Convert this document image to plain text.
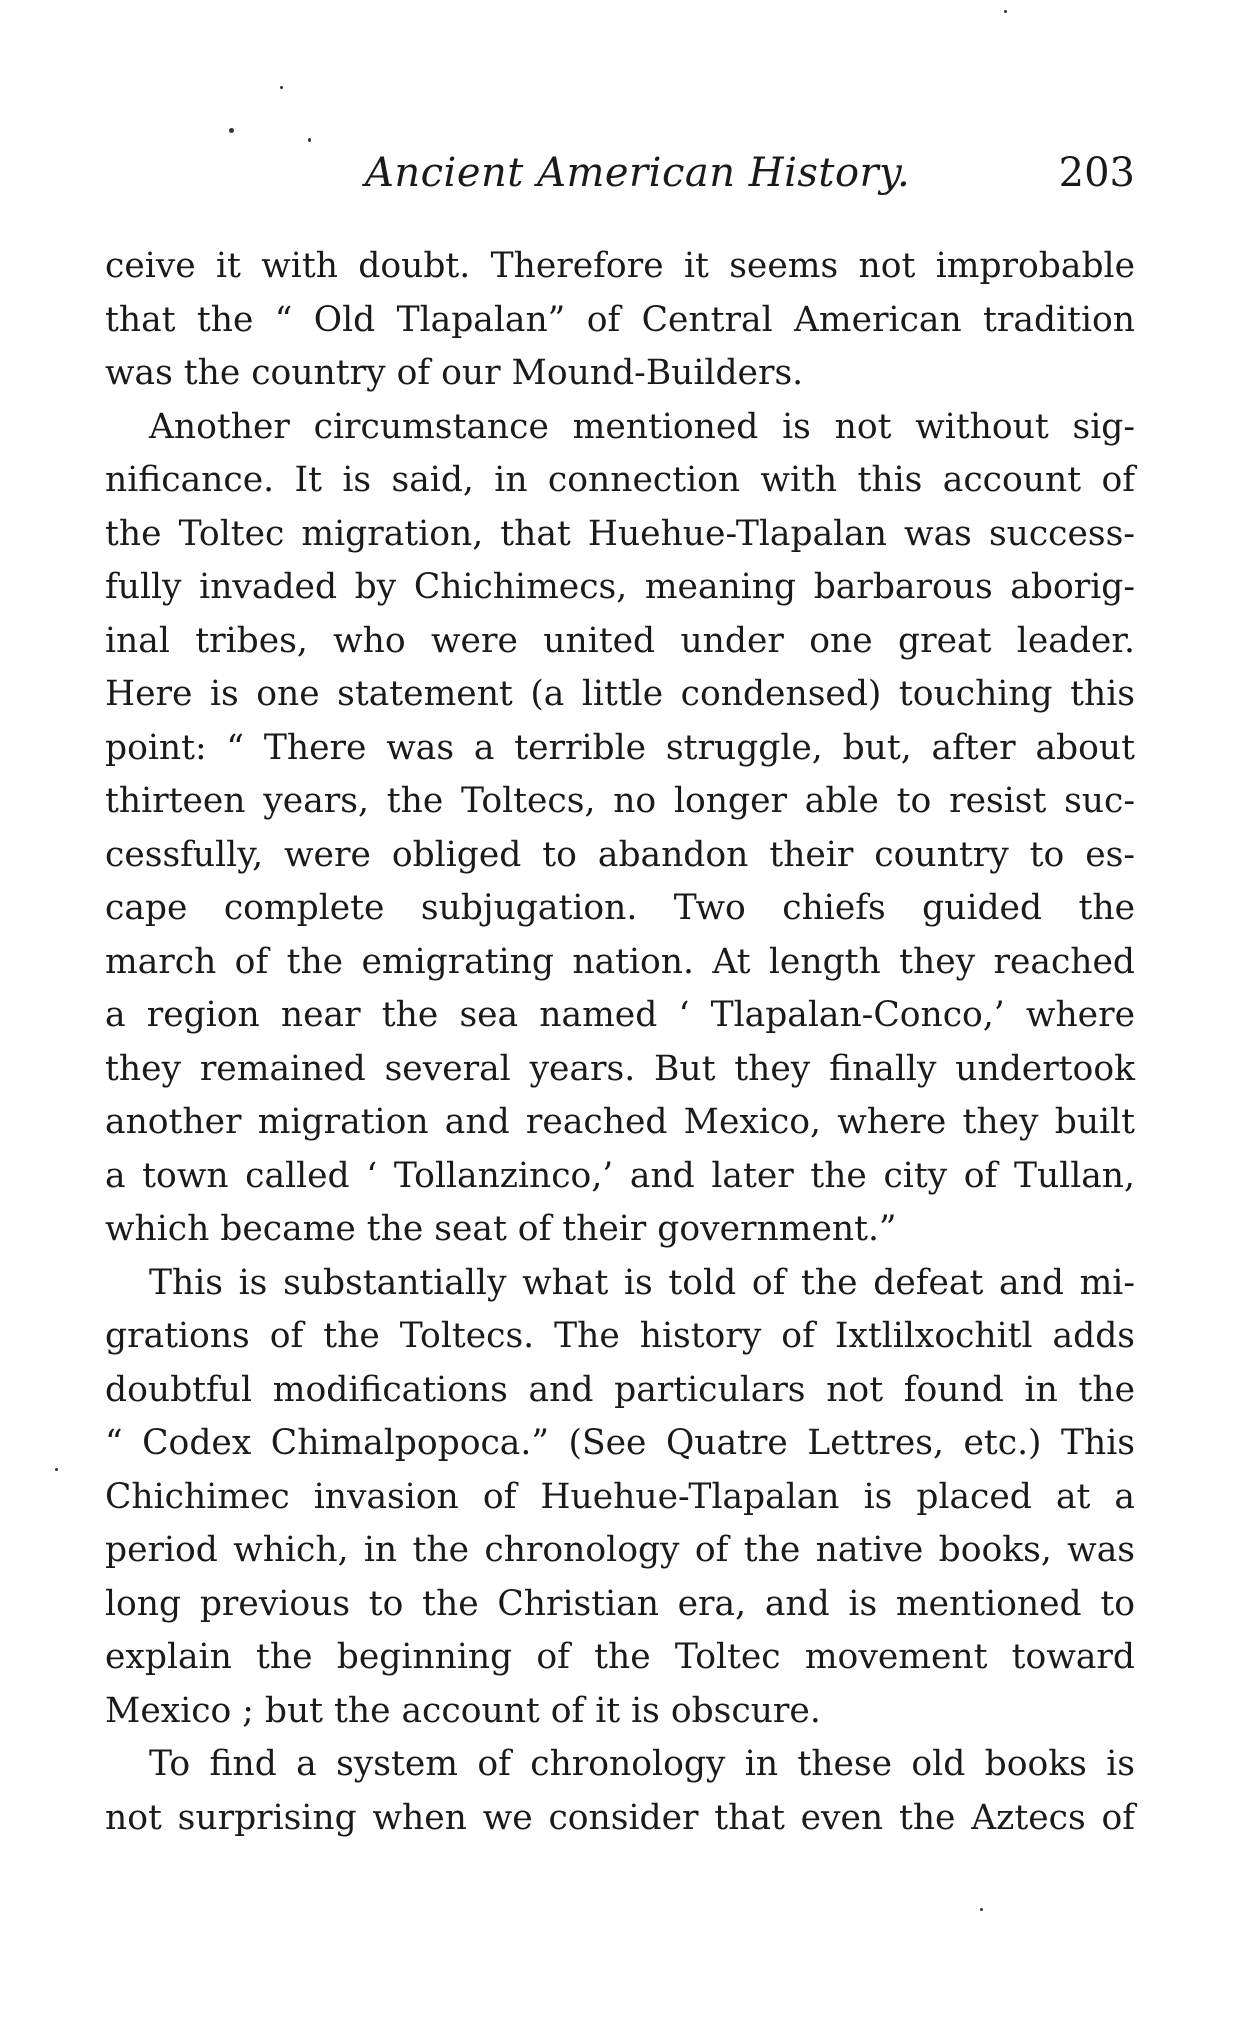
Ancient American History.	203
ceive it with doubt. Therefore it seems not improbable
that the “ Old Tlapalan” of Central American tradition
was the country of our Mound-Builders.
Another circumstance mentioned is not without sig-
nificance. It is said, in connection with this account of
the Toltec migration, that Huehue-Tlapalan was success-
fully invaded by Chichimecs, meaning barbarous aborig-
inal tribes, who were united under one great leader.
Here is one statement (a little condensed) touching this
point: “ There was a terrible struggle, but, after about
thirteen years, the Toltecs, no longer able to resist suc-
cessfully, were obliged to abandon their country to es-
cape complete subjugation. Two chiefs guided the
march of the emigrating nation. At length they reached
a region near the sea named ‘ Tlapalan-Conco,’ where
they remained several years. But they finally undertook
another migration and reached Mexico, where they built
a town called ‘ Tollanzinco,’ and later the city of Tullan,
which became the seat of their government.”
This is substantially what is told of the defeat and mi-
grations of the Toltecs. The history of Ixtlilxochitl adds
doubtful modifications and particulars not found in the
“ Codex Chimalpopoca.” (See Quatre Lettres, etc.) This
Chichimec invasion of Huehue-Tlapalan is placed at a
period which, in the chronology of the native books, was
long previous to the Christian era, and is mentioned to
explain the beginning of the Toltec movement toward
Mexico ; but the account of it is obscure.
To find a system of chronology in these old books is
not surprising when we consider that even the Aztecs of
